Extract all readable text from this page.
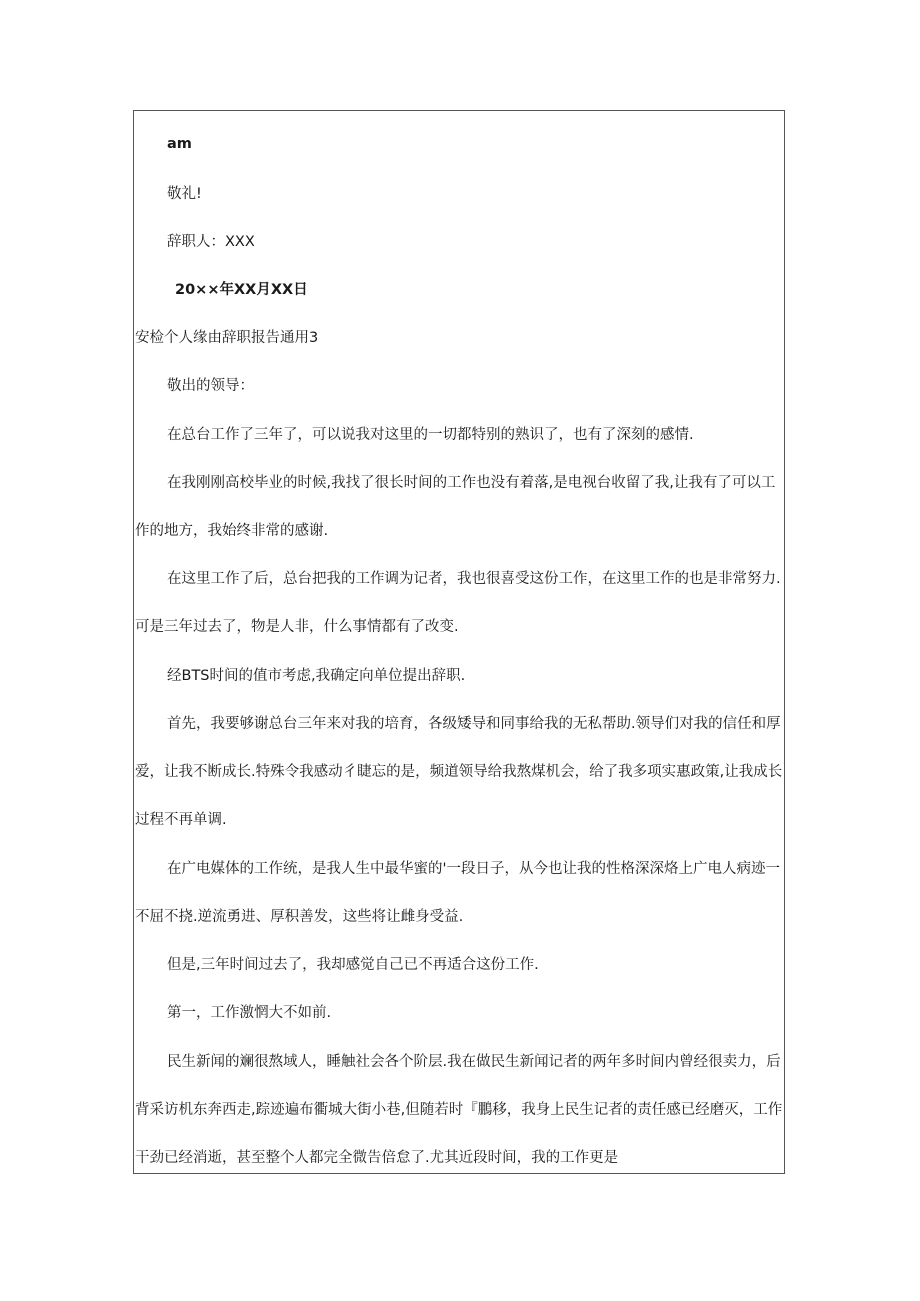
am
敬礼!
辞职人：XXX
20××年XX月XX日
安检个人缘由辞职报告通用3
敬出的领导：
在总台工作了三年了，可以说我对这里的一切都特别的熟识了，也有了深刻的感情.
在我刚刚高校毕业的时候,我找了很长时间的工作也没有着落,是电视台收留了我,让我有了可以工
作的地方，我始终非常的感谢.
在这里工作了后，总台把我的工作调为记者，我也很喜受这份工作，在这里工作的也是非常努力.
可是三年过去了，物是人非，什么事情都有了改变.
经BTS时间的值市考虑,我确定向单位提出辞职.
首先，我要够谢总台三年来对我的培育，各级矮导和同事给我的无私帮助.领导们对我的信任和厚
爱，让我不断成长.特殊令我感动彳睫忘的是，频道领导给我熬煤机会，给了我多项实惠政策,让我成长
过程不再单调.
在广电媒体的工作统，是我人生中最华蜜的'一段日子，从今也让我的性格深深烙上广电人病迹一
不屈不挠.逆流勇进、厚积善发，这些将让雌身受益.
但是,三年时间过去了，我却感觉自己已不再适合这份工作.
第一，工作激惘大不如前.
民生新闻的斓很熬域人，睡触社会各个阶层.我在做民生新闻记者的两年多时间内曾经很卖力，后
背采访机东奔西走,踪迹遍布衢城大街小巷,但随若时『鵬移，我身上民生记者的责任感已经磨灭，工作
干劲已经消逝，甚至整个人都完全微告倍怠了.尤其近段时间，我的工作更是
